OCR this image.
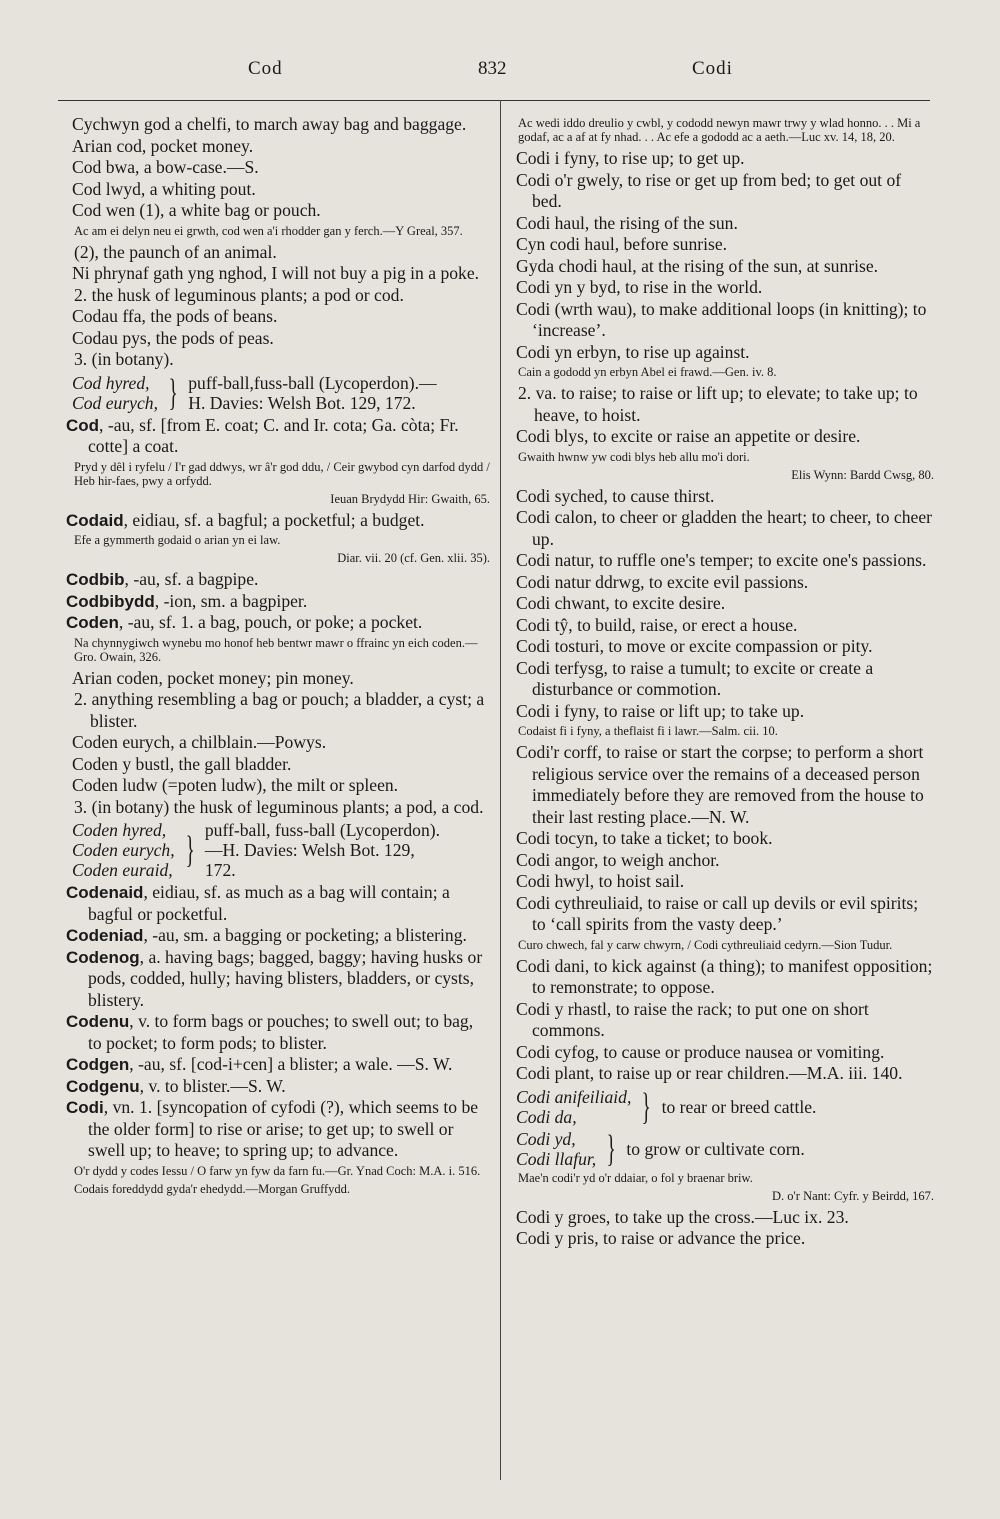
Cod	832	Codi
Cychwyn god a chelfi, to march away bag and baggage.
Arian cod, pocket money.
Cod bwa, a bow-case.—S.
Cod lwyd, a whiting pout.
Cod wen (1), a white bag or pouch.
Ac am ei delyn neu ei grwth, cod wen a'i rhodder gan y ferch.—Y Greal, 357.
(2), the paunch of an animal.
Ni phrynaf gath yng nghod, I will not buy a pig in a poke.
2. the husk of leguminous plants; a pod or cod.
Codau ffa, the pods of beans.
Codau pys, the pods of peas.
3. (in botany).
Cod hyred,
Cod eurych, } puff-ball,fuss-ball (Lycoperdon).—
H. Davies: Welsh Bot. 129, 172.
Cod, -au, sf. [from E. coat; C. and Ir. cota; Ga. còta; Fr. cotte] a coat.
Pryd y dêl i ryfelu / I'r gad ddwys, wr â'r god ddu, / Ceir gwybod cyn darfod dydd / Heb hir-faes, pwy a orfydd.
Ieuan Brydydd Hir: Gwaith, 65.
Codaid, eidiau, sf. a bagful; a pocketful; a budget.
Efe a gymmerth godaid o arian yn ei law.
Diar. vii. 20 (cf. Gen. xlii. 35).
Codbib, -au, sf. a bagpipe.
Codbibydd, -ion, sm. a bagpiper.
Coden, -au, sf. 1. a bag, pouch, or poke; a pocket.
Na chynnygiwch wynebu mo honof heb bentwr mawr o ffrainc yn eich coden.—Gro. Owain, 326.
Arian coden, pocket money; pin money.
2. anything resembling a bag or pouch; a bladder, a cyst; a blister.
Coden eurych, a chilblain.—Powys.
Coden y bustl, the gall bladder.
Coden ludw (=poten ludw), the milt or spleen.
3. (in botany) the husk of leguminous plants; a pod, a cod.
Coden hyred,
Coden eurych,
Coden euraid, } puff-ball, fuss-ball (Lycoperdon).
—H. Davies: Welsh Bot. 129,
172.
Codenaid, eidiau, sf. as much as a bag will contain; a bagful or pocketful.
Codeniad, -au, sm. a bagging or pocketing; a blistering.
Codenog, a. having bags; bagged, baggy; having husks or pods, codded, hully; having blisters, bladders, or cysts, blistery.
Codenu, v. to form bags or pouches; to swell out; to bag, to pocket; to form pods; to blister.
Codgen, -au, sf. [cod-i+cen] a blister; a wale. —S. W.
Codgenu, v. to blister.—S. W.
Codi, vn. 1. [syncopation of cyfodi (?), which seems to be the older form] to rise or arise; to get up; to swell or swell up; to heave; to spring up; to advance.
O'r dydd y codes Iessu / O farw yn fyw da farn fu.—Gr. Ynad Coch: M.A. i. 516.
Codais foreddydd gyda'r ehedydd.—Morgan Gruffydd.
Ac wedi iddo dreulio y cwbl, y cododd newyn mawr trwy y wlad honno. . . Mi a godaf, ac a af at fy nhad. . . Ac efe a gododd ac a aeth.—Luc xv. 14, 18, 20.
Codi i fyny, to rise up; to get up.
Codi o'r gwely, to rise or get up from bed; to get out of bed.
Codi haul, the rising of the sun.
Cyn codi haul, before sunrise.
Gyda chodi haul, at the rising of the sun, at sunrise.
Codi yn y byd, to rise in the world.
Codi (wrth wau), to make additional loops (in knitting); to ‘increase’.
Codi yn erbyn, to rise up against.
Cain a gododd yn erbyn Abel ei frawd.—Gen. iv. 8.
2. va. to raise; to raise or lift up; to elevate; to take up; to heave, to hoist.
Codi blys, to excite or raise an appetite or desire.
Gwaith hwnw yw codi blys heb allu mo'i dori.
Elis Wynn: Bardd Cwsg, 80.
Codi syched, to cause thirst.
Codi calon, to cheer or gladden the heart; to cheer, to cheer up.
Codi natur, to ruffle one's temper; to excite one's passions.
Codi natur ddrwg, to excite evil passions.
Codi chwant, to excite desire.
Codi tŷ, to build, raise, or erect a house.
Codi tosturi, to move or excite compassion or pity.
Codi terfysg, to raise a tumult; to excite or create a disturbance or commotion.
Codi i fyny, to raise or lift up; to take up.
Codaist fi i fyny, a theflaist fi i lawr.—Salm. cii. 10.
Codi'r corff, to raise or start the corpse; to perform a short religious service over the remains of a deceased person immediately before they are removed from the house to their last resting place.—N. W.
Codi tocyn, to take a ticket; to book.
Codi angor, to weigh anchor.
Codi hwyl, to hoist sail.
Codi cythreuliaid, to raise or call up devils or evil spirits; to ‘call spirits from the vasty deep.’
Curo chwech, fal y carw chwyrn, / Codi cythreuliaid cedyrn.—Sion Tudur.
Codi dani, to kick against (a thing); to manifest opposition; to remonstrate; to oppose.
Codi y rhastl, to raise the rack; to put one on short commons.
Codi cyfog, to cause or produce nausea or vomiting.
Codi plant, to raise up or rear children.—M.A. iii. 140.
Codi anifeiliaid,
Codi da,	} to rear or breed cattle.
Codi yd,
Codi llafur, } to grow or cultivate corn.
Mae'n codi'r yd o'r ddaiar, o fol y braenar briw.
D. o'r Nant: Cyfr. y Beirdd, 167.
Codi y groes, to take up the cross.—Luc ix. 23.
Codi y pris, to raise or advance the price.
